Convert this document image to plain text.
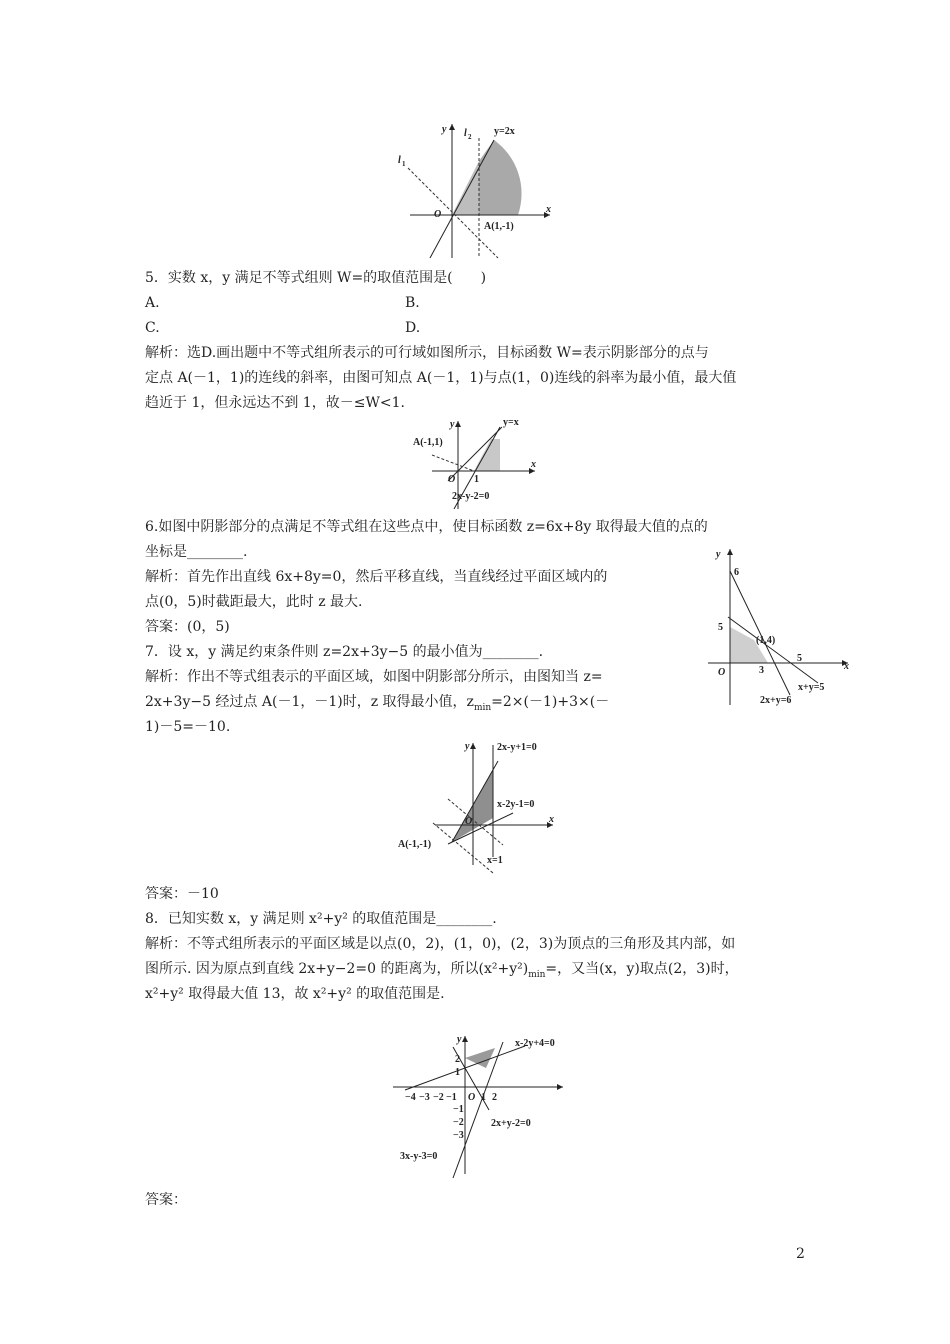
y l 2 y=2x
l 1
O	x
A(1,-1)
5．实数 x，y 满足不等式组则 W=的取值范围是(　　)
A.	B.
C.	D.
解析：选D.画出题中不等式组所表示的可行域如图所示，目标函数 W=表示阴影部分的点与
定点 A(－1，1)的连线的斜率，由图可知点 A(－1，1)与点(1，0)连线的斜率为最小值，最大值
趋近于 1，但永远达不到 1，故－≤W<1.
y	y=x
A(-1,1)
O 1
x
2x-y-2=0
6.如图中阴影部分的点满足不等式组在这些点中，使目标函数 z=6x+8y 取得最大值的点的
坐标是________.
解析：首先作出直线 6x+8y=0，然后平移直线，当直线经过平面区域内的
点(0，5)时截距最大，此时 z 最大.
答案：(0，5)
y
6
5
(1,4)
O	3
5
x
x+y=5
2x+y=6
7．设 x，y 满足约束条件则 z=2x+3y−5 的最小值为________.
解析：作出不等式组表示的平面区域，如图中阴影部分所示，由图知当 z=
2x+3y−5 经过点 A(－1，－1)时，z 取得最小值，$z_{min}=2\times(-1)+3\times(-$
1)－5=－10.
y	2x-y+1=0
x-2y-1=0
O	x
A(-1,-1)
x=1
答案：－10
8．已知实数 x，y 满足则 x²+y² 的取值范围是________.
解析：不等式组所表示的平面区域是以点(0，2)，(1，0)，(2，3)为顶点的三角形及其内部，如
图所示. 因为原点到直线 2x+y−2=0 的距离为，所以$(x^2+y^2)_{min}=$，又当(x，y)取点(2，3)时，
x²+y² 取得最大值 13，故 x²+y² 的取值范围是.
y	x-2y+4=0
2
1
−4 −3 −2 −1 O 1 2
−1
−2
−3
2x+y-2=0
3x-y-3=0
答案：
2
